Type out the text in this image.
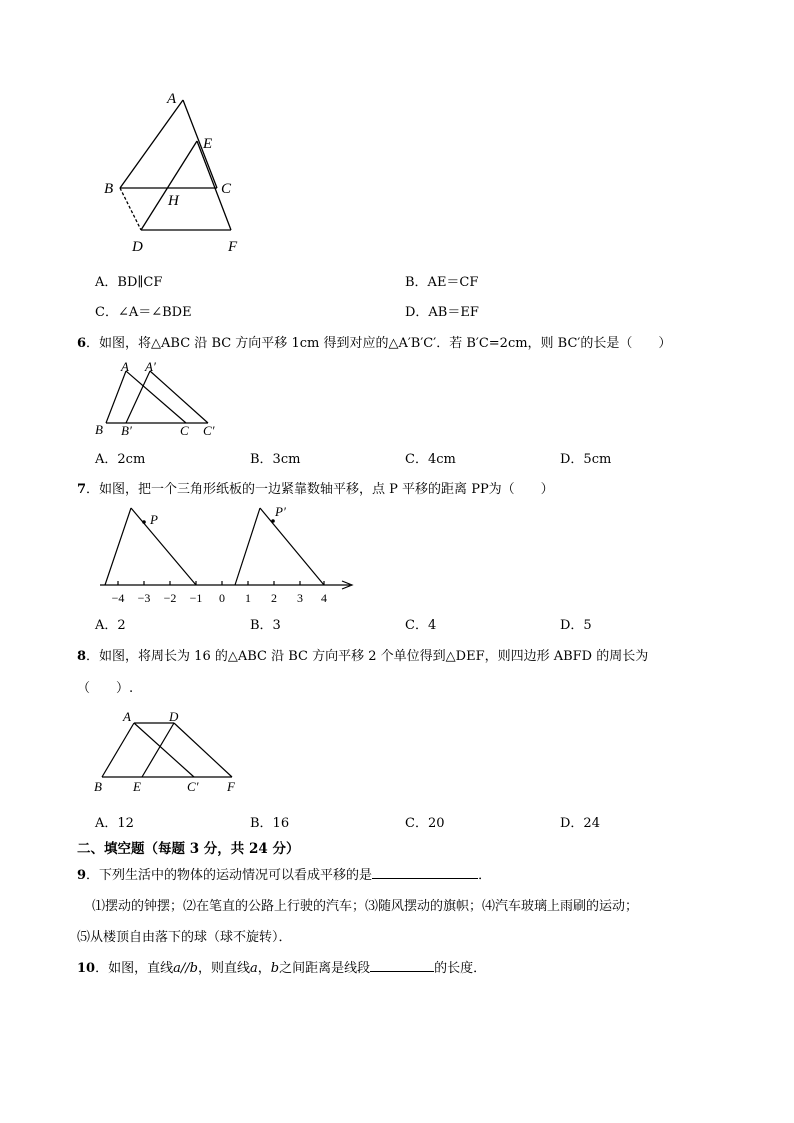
A
E
B	C
H
D	F
A．BD∥CF	B．AE＝CF
C．∠A＝∠BDE	D．AB＝EF
6．如图，将△ABC 沿 BC 方向平移 1cm 得到对应的△A′B′C′．若 B′C=2cm，则 BC′的长是（　　）
A A′
B B′	C C′
A．2cm	B．3cm	C．4cm	D．5cm
7．如图，把一个三角形纸板的一边紧靠数轴平移，点 P 平移的距离 PP为（　　）
P
P′
−4 −3 −2 −1 0 1 2 3 4
A．2	B．3	C．4	D．5
8．如图，将周长为 16 的△ABC 沿 BC 方向平移 2 个单位得到△DEF，则四边形 ABFD 的周长为
（　　）.
A	D
B E	C′ F
A．12	B．16	C．20	D．24
二、填空题（每题 3 分，共 24 分）
9．下列生活中的物体的运动情况可以看成平移的是	．
⑴摆动的钟摆；⑵在笔直的公路上行驶的汽车；⑶随风摆动的旗帜；⑷汽车玻璃上雨刷的运动；
⑸从楼顶自由落下的球（球不旋转）．
10．如图，直线a//b，则直线a，b之间距离是线段	的长度．
